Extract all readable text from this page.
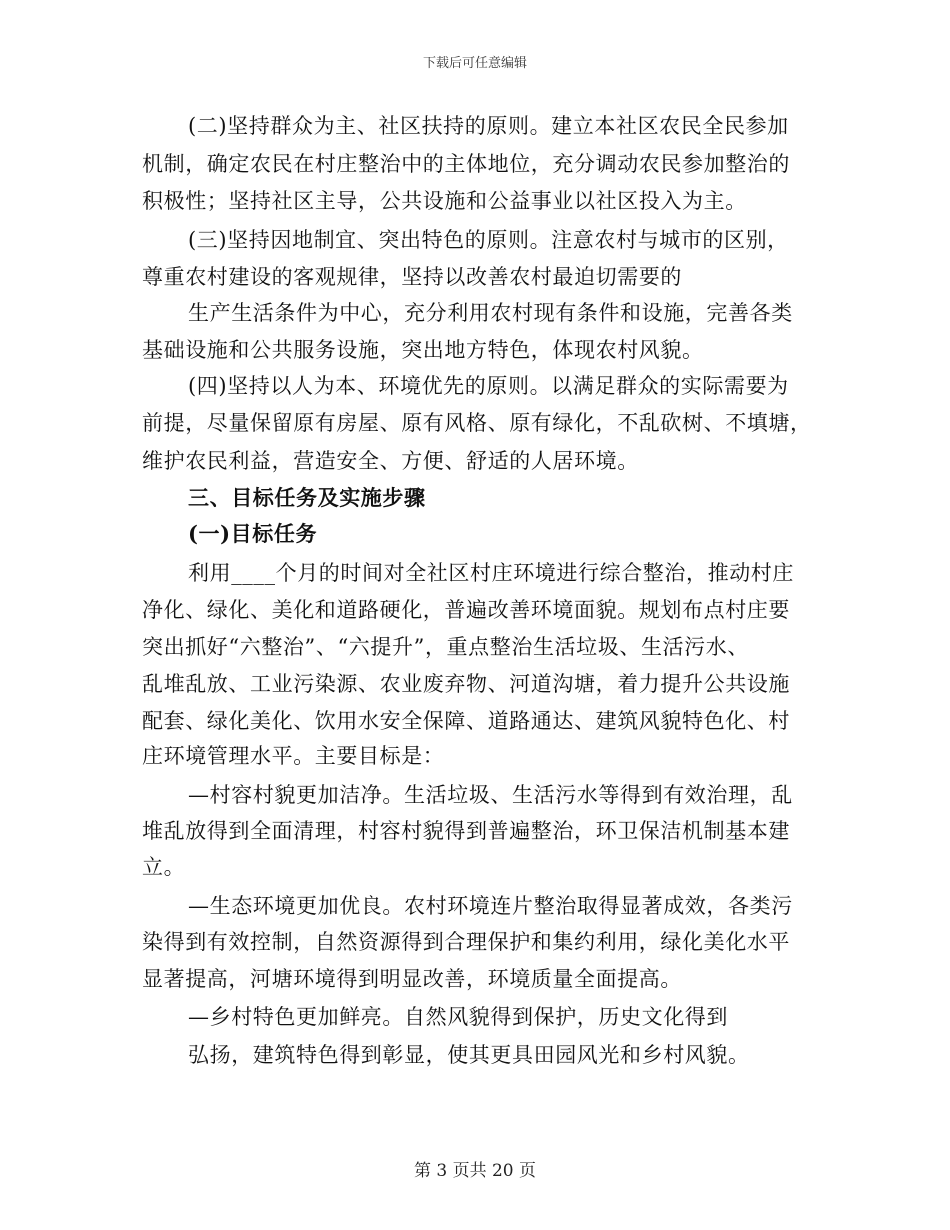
下载后可任意编辑
(二)坚持群众为主、社区扶持的原则。建立本社区农民全民参加
机制，确定农民在村庄整治中的主体地位，充分调动农民参加整治的
积极性；坚持社区主导，公共设施和公益事业以社区投入为主。
(三)坚持因地制宜、突出特色的原则。注意农村与城市的区别，
尊重农村建设的客观规律，坚持以改善农村最迫切需要的
生产生活条件为中心，充分利用农村现有条件和设施，完善各类
基础设施和公共服务设施，突出地方特色，体现农村风貌。
(四)坚持以人为本、环境优先的原则。以满足群众的实际需要为
前提，尽量保留原有房屋、原有风格、原有绿化，不乱砍树、不填塘，
维护农民利益，营造安全、方便、舒适的人居环境。
三、目标任务及实施步骤
(一)目标任务
利用____个月的时间对全社区村庄环境进行综合整治，推动村庄
净化、绿化、美化和道路硬化，普遍改善环境面貌。规划布点村庄要
突出抓好“六整治”、“六提升”，重点整治生活垃圾、生活污水、
乱堆乱放、工业污染源、农业废弃物、河道沟塘，着力提升公共设施
配套、绿化美化、饮用水安全保障、道路通达、建筑风貌特色化、村
庄环境管理水平。主要目标是：
—村容村貌更加洁净。生活垃圾、生活污水等得到有效治理，乱
堆乱放得到全面清理，村容村貌得到普遍整治，环卫保洁机制基本建
立。
—生态环境更加优良。农村环境连片整治取得显著成效，各类污
染得到有效控制，自然资源得到合理保护和集约利用，绿化美化水平
显著提高，河塘环境得到明显改善，环境质量全面提高。
—乡村特色更加鲜亮。自然风貌得到保护，历史文化得到
弘扬，建筑特色得到彰显，使其更具田园风光和乡村风貌。
第 3 页共 20 页
